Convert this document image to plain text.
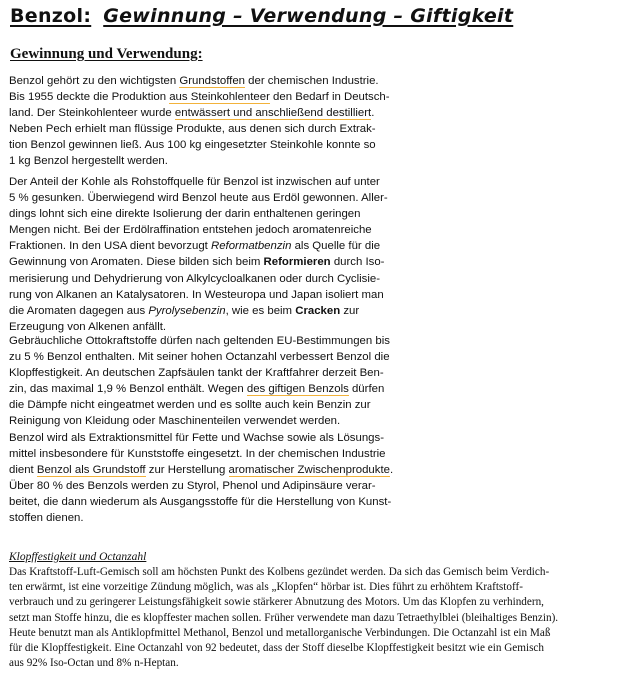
Benzol: Gewinnung – Verwendung – Giftigkeit
Gewinnung und Verwendung:
Benzol gehört zu den wichtigsten Grundstoffen der chemischen Industrie.
Bis 1955 deckte die Produktion aus Steinkohlenteer den Bedarf in Deutsch-
land. Der Steinkohlenteer wurde entwässert und anschließend destilliert.
Neben Pech erhielt man flüssige Produkte, aus denen sich durch Extrak-
tion Benzol gewinnen ließ. Aus 100 kg eingesetzter Steinkohle konnte so
1 kg Benzol hergestellt werden.
Der Anteil der Kohle als Rohstoffquelle für Benzol ist inzwischen auf unter
5 % gesunken. Überwiegend wird Benzol heute aus Erdöl gewonnen. Aller-
dings lohnt sich eine direkte Isolierung der darin enthaltenen geringen
Mengen nicht. Bei der Erdölraffination entstehen jedoch aromatenreiche
Fraktionen. In den USA dient bevorzugt Reformatbenzin als Quelle für die
Gewinnung von Aromaten. Diese bilden sich beim Reformieren durch Iso-
merisierung und Dehydrierung von Alkylcycloalkanen oder durch Cyclisie-
rung von Alkanen an Katalysatoren. In Westeuropa und Japan isoliert man
die Aromaten dagegen aus Pyrolysebenzin, wie es beim Cracken zur
Erzeugung von Alkenen anfällt.
Gebräuchliche Ottokraftstoffe dürfen nach geltenden EU-Bestimmungen bis
zu 5 % Benzol enthalten. Mit seiner hohen Octanzahl verbessert Benzol die
Klopffestigkeit. An deutschen Zapfsäulen tankt der Kraftfahrer derzeit Ben-
zin, das maximal 1,9 % Benzol enthält. Wegen des giftigen Benzols dürfen
die Dämpfe nicht eingeatmet werden und es sollte auch kein Benzin zur
Reinigung von Kleidung oder Maschinenteilen verwendet werden.
Benzol wird als Extraktionsmittel für Fette und Wachse sowie als Lösungs-
mittel insbesondere für Kunststoffe eingesetzt. In der chemischen Industrie
dient Benzol als Grundstoff zur Herstellung aromatischer Zwischenprodukte.
Über 80 % des Benzols werden zu Styrol, Phenol und Adipinsäure verar-
beitet, die dann wiederum als Ausgangsstoffe für die Herstellung von Kunst-
stoffen dienen.
Klopffestigkeit und Octanzahl
Das Kraftstoff-Luft-Gemisch soll am höchsten Punkt des Kolbens gezündet werden. Da sich das Gemisch beim Verdich-
ten erwärmt, ist eine vorzeitige Zündung möglich, was als „Klopfen“ hörbar ist. Dies führt zu erhöhtem Kraftstoff-
verbrauch und zu geringerer Leistungsfähigkeit sowie stärkerer Abnutzung des Motors. Um das Klopfen zu verhindern,
setzt man Stoffe hinzu, die es klopffester machen sollen. Früher verwendete man dazu Tetraethylblei (bleihaltiges Benzin).
Heute benutzt man als Antiklopfmittel Methanol, Benzol und metallorganische Verbindungen. Die Octanzahl ist ein Maß
für die Klopffestigkeit. Eine Octanzahl von 92 bedeutet, dass der Stoff dieselbe Klopffestigkeit besitzt wie ein Gemisch
aus 92% Iso-Octan und 8% n-Heptan.
